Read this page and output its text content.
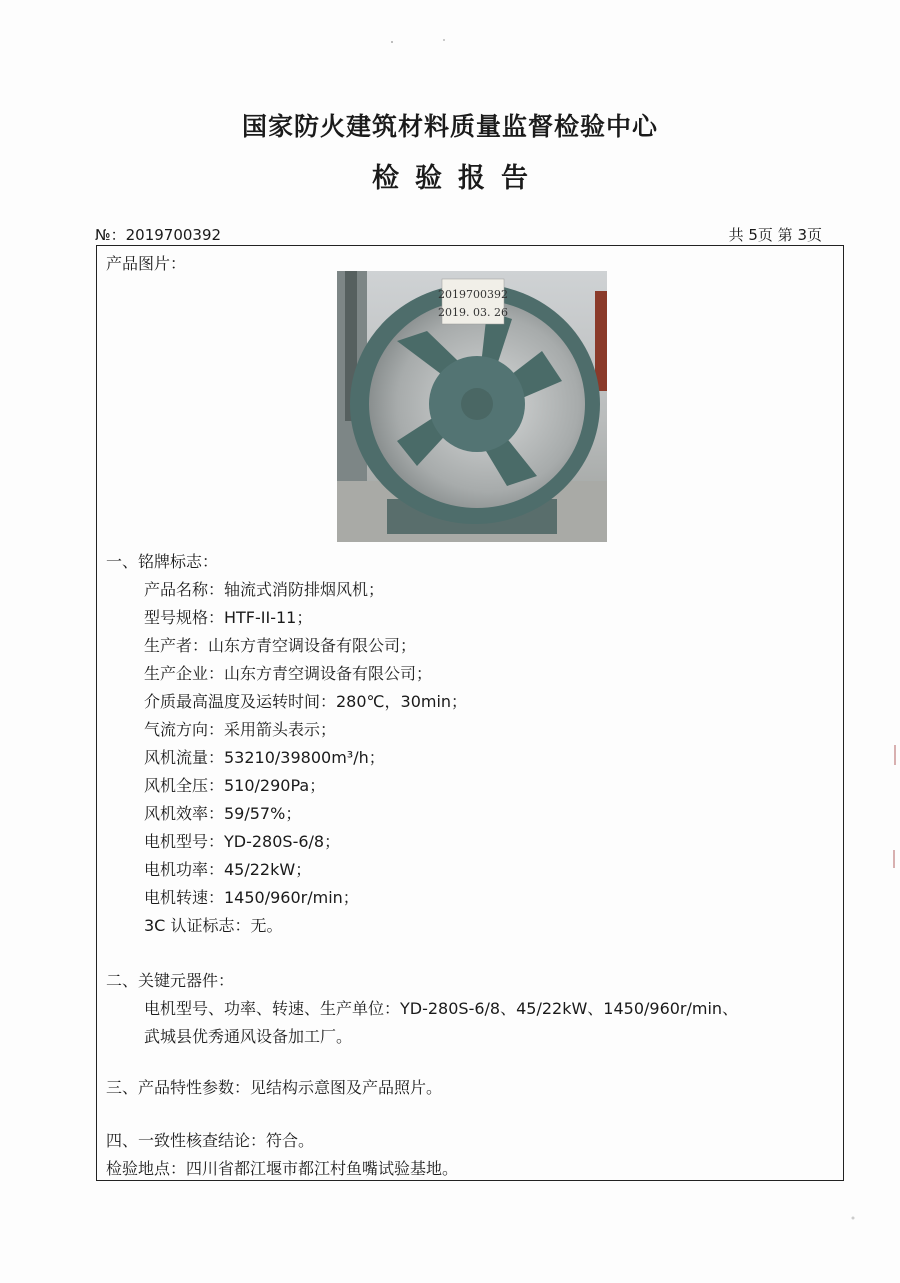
国家防火建筑材料质量监督检验中心
检验报告
№：2019700392	共 5页 第 3页
产品图片：
2019700392
2019. 03. 26
一、铭牌标志：
产品名称：轴流式消防排烟风机；
型号规格：HTF-II-11；
生产者：山东方青空调设备有限公司；
生产企业：山东方青空调设备有限公司；
介质最高温度及运转时间：280℃，30min；
气流方向：采用箭头表示；
风机流量：53210/39800m³/h；
风机全压：510/290Pa；
风机效率：59/57%；
电机型号：YD-280S-6/8；
电机功率：45/22kW；
电机转速：1450/960r/min；
3C 认证标志：无。
二、关键元器件：
电机型号、功率、转速、生产单位：YD-280S-6/8、45/22kW、1450/960r/min、
武城县优秀通风设备加工厂。
三、产品特性参数：见结构示意图及产品照片。
四、一致性核查结论：符合。
检验地点：四川省都江堰市都江村鱼嘴试验基地。
